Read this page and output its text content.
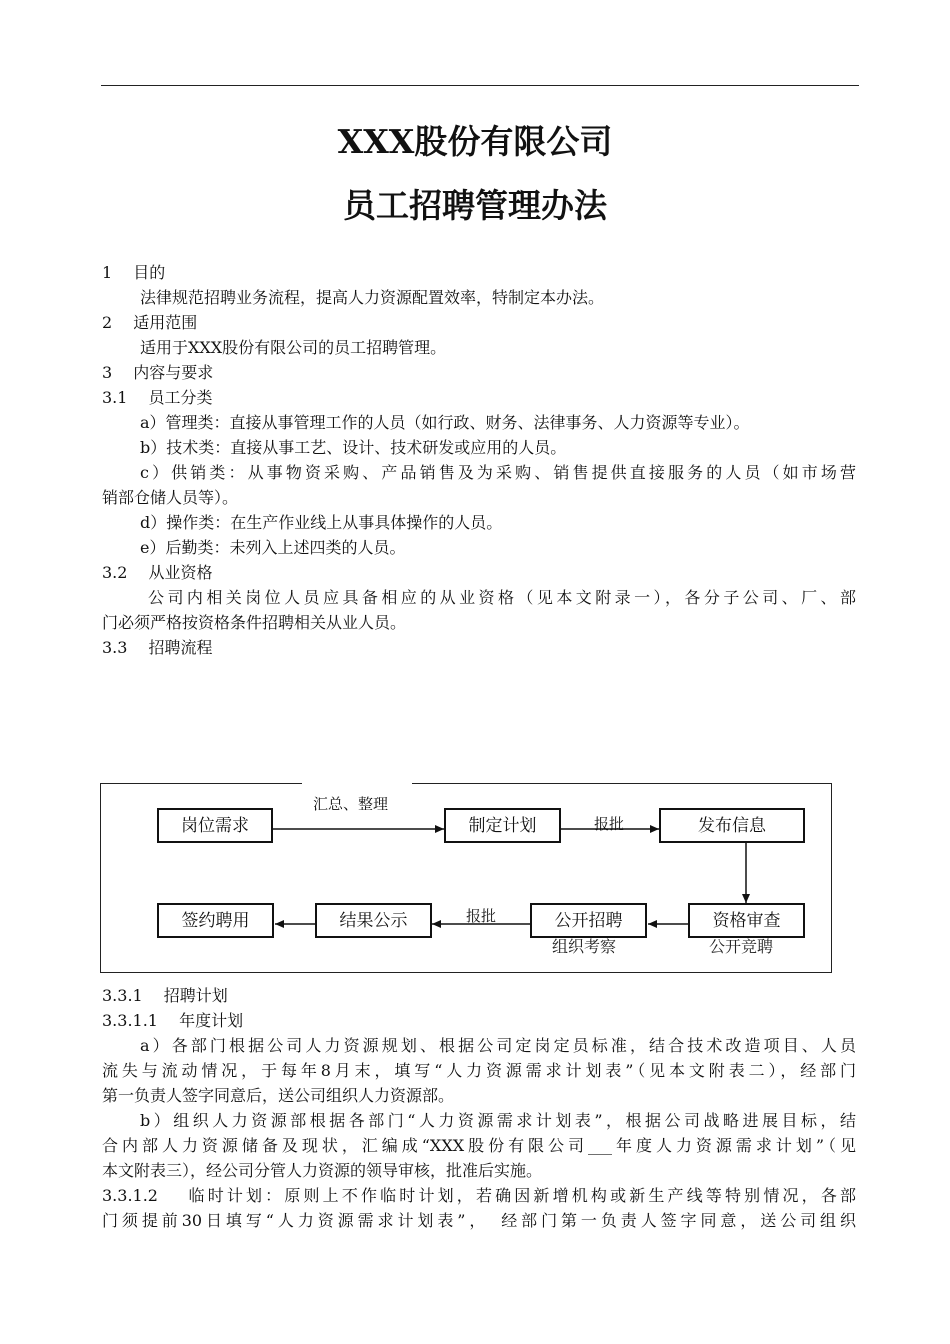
XXX股份有限公司
员工招聘管理办法
1　 目的
法律规范招聘业务流程，提高人力资源配置效率，特制定本办法。
2　 适用范围
适用于XXX股份有限公司的员工招聘管理。
3　 内容与要求
3.1　 员工分类
a）管理类：直接从事管理工作的人员（如行政、财务、法律事务、人力资源等专业）。
b）技术类：直接从事工艺、设计、技术研发或应用的人员。
c）供销类：从事物资采购、产品销售及为采购、销售提供直接服务的人员（如市场营
销部仓储人员等）。
d）操作类：在生产作业线上从事具体操作的人员。
e）后勤类：未列入上述四类的人员。
3.2　 从业资格
公司内相关岗位人员应具备相应的从业资格（见本文附录一），各分子公司、厂、部
门必须严格按资格条件招聘相关从业人员。
3.3　 招聘流程
岗位需求	制定计划	发布信息
资格审查
公开招聘
结果公示
签约聘用
公开竞聘
组织考察
汇总、整理
报批
报批
3.3.1　 招聘计划
3.3.1.1　 年度计划
a）各部门根据公司人力资源规划、根据公司定岗定员标准，结合技术改造项目、人员
流失与流动情况，于每年8月末，填写“人力资源需求计划表”（见本文附表二），经部门
第一负责人签字同意后，送公司组织人力资源部。
b）组织人力资源部根据各部门“人力资源需求计划表”，根据公司战略进展目标，结
合内部人力资源储备及现状，汇编成“XXX股份有限公司___年度人力资源需求计划”（见
本文附表三），经公司分管人力资源的领导审核，批准后实施。
3.3.1.2　 临时计划：原则上不作临时计划，若确因新增机构或新生产线等特别情况，各部
门须提前30日填写“人力资源需求计划表”，　经部门第一负责人签字同意，送公司组织
